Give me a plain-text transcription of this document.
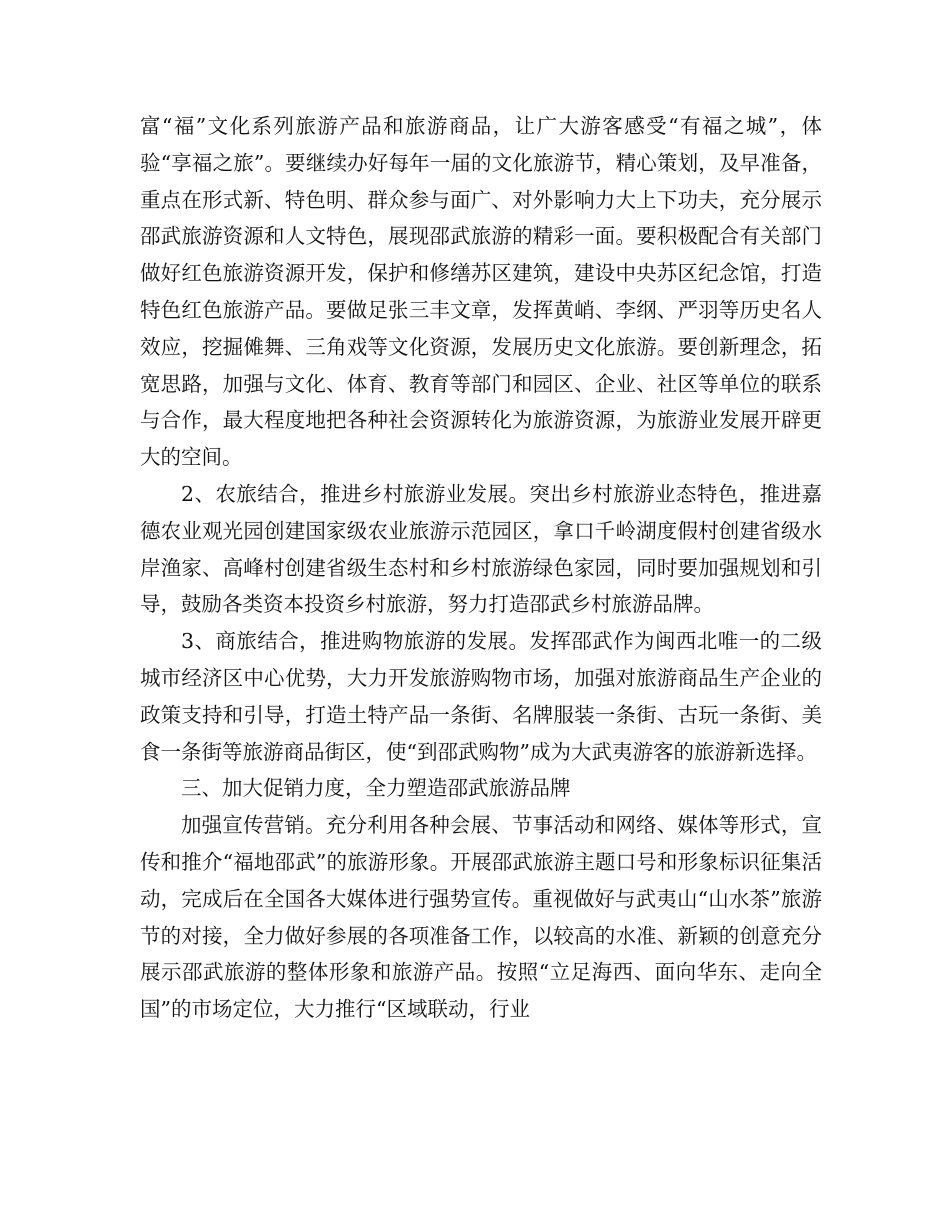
富“福”文化系列旅游产品和旅游商品，让广大游客感受“有福之城”，体验“享福之旅”。要继续办好每年一届的文化旅游节，精心策划，及早准备，重点在形式新、特色明、群众参与面广、对外影响力大上下功夫，充分展示邵武旅游资源和人文特色，展现邵武旅游的精彩一面。要积极配合有关部门做好红色旅游资源开发，保护和修缮苏区建筑，建设中央苏区纪念馆，打造特色红色旅游产品。要做足张三丰文章，发挥黄峭、李纲、严羽等历史名人效应，挖掘傩舞、三角戏等文化资源，发展历史文化旅游。要创新理念，拓宽思路，加强与文化、体育、教育等部门和园区、企业、社区等单位的联系与合作，最大程度地把各种社会资源转化为旅游资源，为旅游业发展开辟更大的空间。

2、农旅结合，推进乡村旅游业发展。突出乡村旅游业态特色，推进嘉德农业观光园创建国家级农业旅游示范园区，拿口千岭湖度假村创建省级水岸渔家、高峰村创建省级生态村和乡村旅游绿色家园，同时要加强规划和引导，鼓励各类资本投资乡村旅游，努力打造邵武乡村旅游品牌。

3、商旅结合，推进购物旅游的发展。发挥邵武作为闽西北唯一的二级城市经济区中心优势，大力开发旅游购物市场，加强对旅游商品生产企业的政策支持和引导，打造土特产品一条街、名牌服装一条街、古玩一条街、美食一条街等旅游商品街区，使“到邵武购物”成为大武夷游客的旅游新选择。

三、加大促销力度，全力塑造邵武旅游品牌

加强宣传营销。充分利用各种会展、节事活动和网络、媒体等形式，宣传和推介“福地邵武”的旅游形象。开展邵武旅游主题口号和形象标识征集活动，完成后在全国各大媒体进行强势宣传。重视做好与武夷山“山水茶”旅游节的对接，全力做好参展的各项准备工作，以较高的水准、新颖的创意充分展示邵武旅游的整体形象和旅游产品。按照“立足海西、面向华东、走向全国”的市场定位，大力推行“区域联动，行业
